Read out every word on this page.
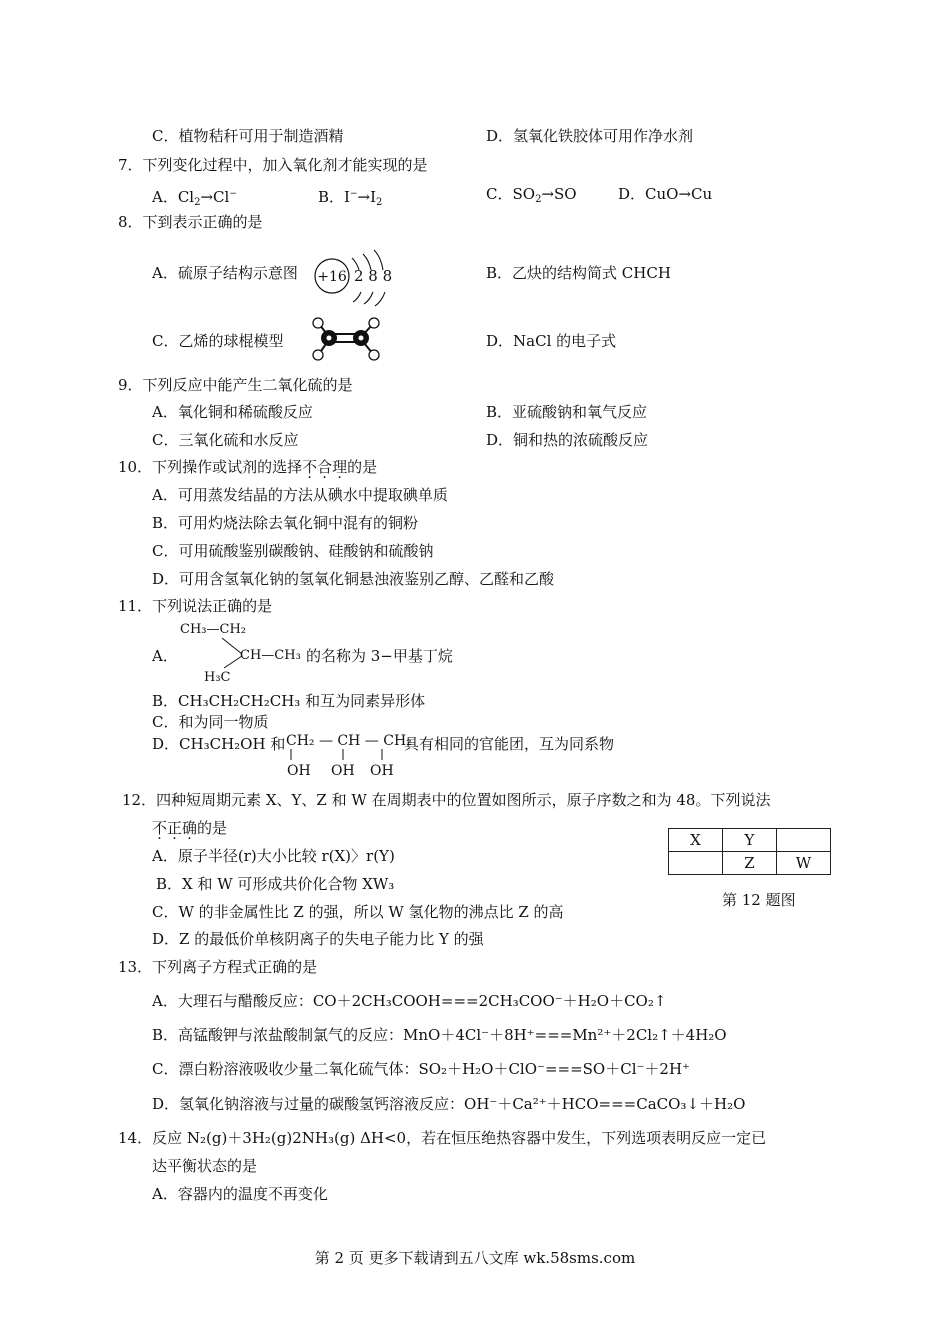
C．植物秸秆可用于制造酒精	D．氢氧化铁胶体可用作净水剂
7．下列变化过程中，加入氧化剂才能实现的是
A．$Cl_2\to Cl^-$	B．$I^-\to I_2$	C．$SO_2\to SO$	D．CuO→Cu
8．下到表示正确的是
A．硫原子结构示意图 +16 2 8 8	B．乙炔的结构简式 CHCH
C．乙烯的球棍模型	D．NaCl 的电子式
9．下列反应中能产生二氧化硫的是
A．氧化铜和稀硫酸反应	B．亚硫酸钠和氧气反应
C．三氧化硫和水反应	D．铜和热的浓硫酸反应
10．下列操作或试剂的选择不合理的是
A．可用蒸发结晶的方法从碘水中提取碘单质
B．可用灼烧法除去氧化铜中混有的铜粉
C．可用硫酸鉴别碳酸钠、硅酸钠和硫酸钠
D．可用含氢氧化钠的氢氧化铜悬浊液鉴别乙醇、乙醛和乙酸
11．下列说法正确的是
A．
CH₃—CH₂
CH—CH₃
H₃C
的名称为 3−甲基丁烷
B．CH₃CH₂CH₂CH₃ 和互为同素异形体
C．和为同一物质
D．CH₃CH₂OH 和 CH₂ — CH — CH₂
OH OH OH
具有相同的官能团，互为同系物
12．四种短周期元素 X、Y、Z 和 W 在周期表中的位置如图所示，原子序数之和为 48。下列说法
不正确的是
A．原子半径(r)大小比较 r(X)〉r(Y)
B．X 和 W 可形成共价化合物 XW₃
C．W 的非金属性比 Z 的强，所以 W 氢化物的沸点比 Z 的高
D．Z 的最低价单核阴离子的失电子能力比 Y 的强
X	Y	
	Z	W
第 12 题图
13．下列离子方程式正确的是
A．大理石与醋酸反应：CO＋2CH₃COOH===2CH₃COO⁻＋H₂O＋CO₂↑
B．高锰酸钾与浓盐酸制氯气的反应：MnO＋4Cl⁻＋8H⁺===Mn²⁺＋2Cl₂↑＋4H₂O
C．漂白粉溶液吸收少量二氧化硫气体：SO₂＋H₂O＋ClO⁻===SO＋Cl⁻＋2H⁺
D．氢氧化钠溶液与过量的碳酸氢钙溶液反应：OH⁻＋Ca²⁺＋HCO===CaCO₃↓＋H₂O
14．反应 N₂(g)＋3H₂(g)2NH₃(g) ΔH<0，若在恒压绝热容器中发生，下列选项表明反应一定已
达平衡状态的是
A．容器内的温度不再变化
第 2 页 更多下载请到五八文库 wk.58sms.com
